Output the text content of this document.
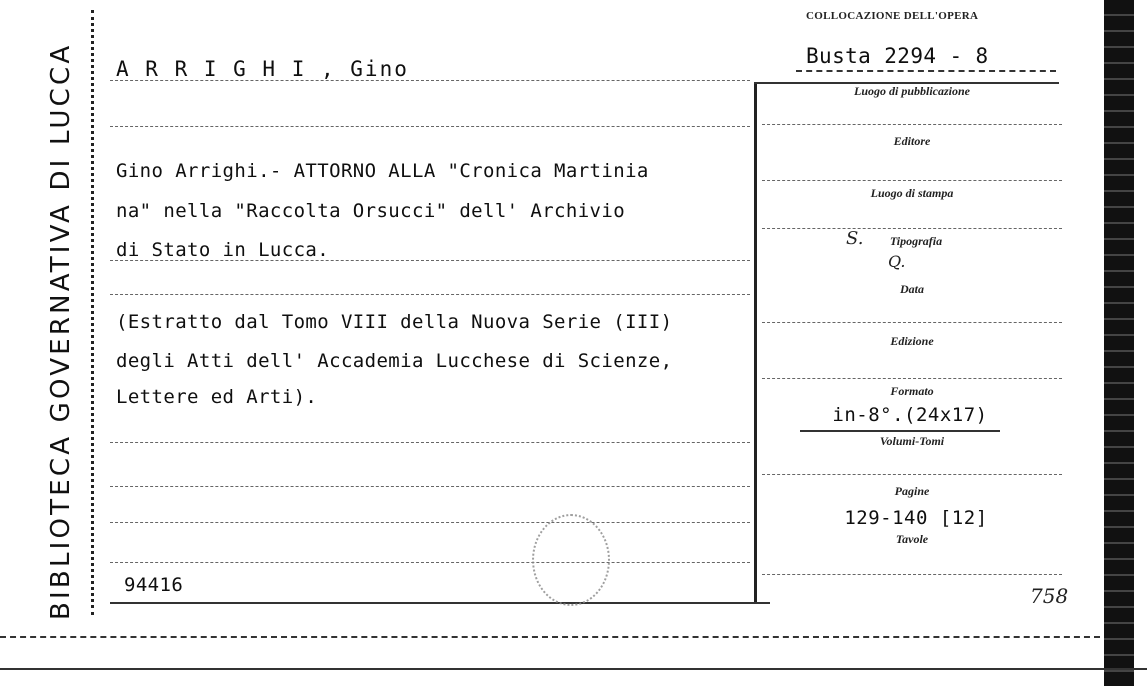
BIBLIOTECA GOVERNATIVA DI LUCCA
COLLOCAZIONE DELL'OPERA
Busta 2294 - 8
A R R I G H I , Gino
Gino Arrighi.- ATTORNO ALLA "Cronica Martinia
na" nella "Raccolta Orsucci" dell' Archivio
di Stato in Lucca.
(Estratto dal Tomo VIII della Nuova Serie (III)
degli Atti dell' Accademia Lucchese di Scienze,
Lettere ed Arti).
94416
Luogo di pubblicazione
Editore
Luogo di stampa
S.	Tipografia
Q.
Data
Edizione
Formato
in-8°.(24x17)
Volumi-Tomi
Pagine
129-140 [12]
Tavole
758
